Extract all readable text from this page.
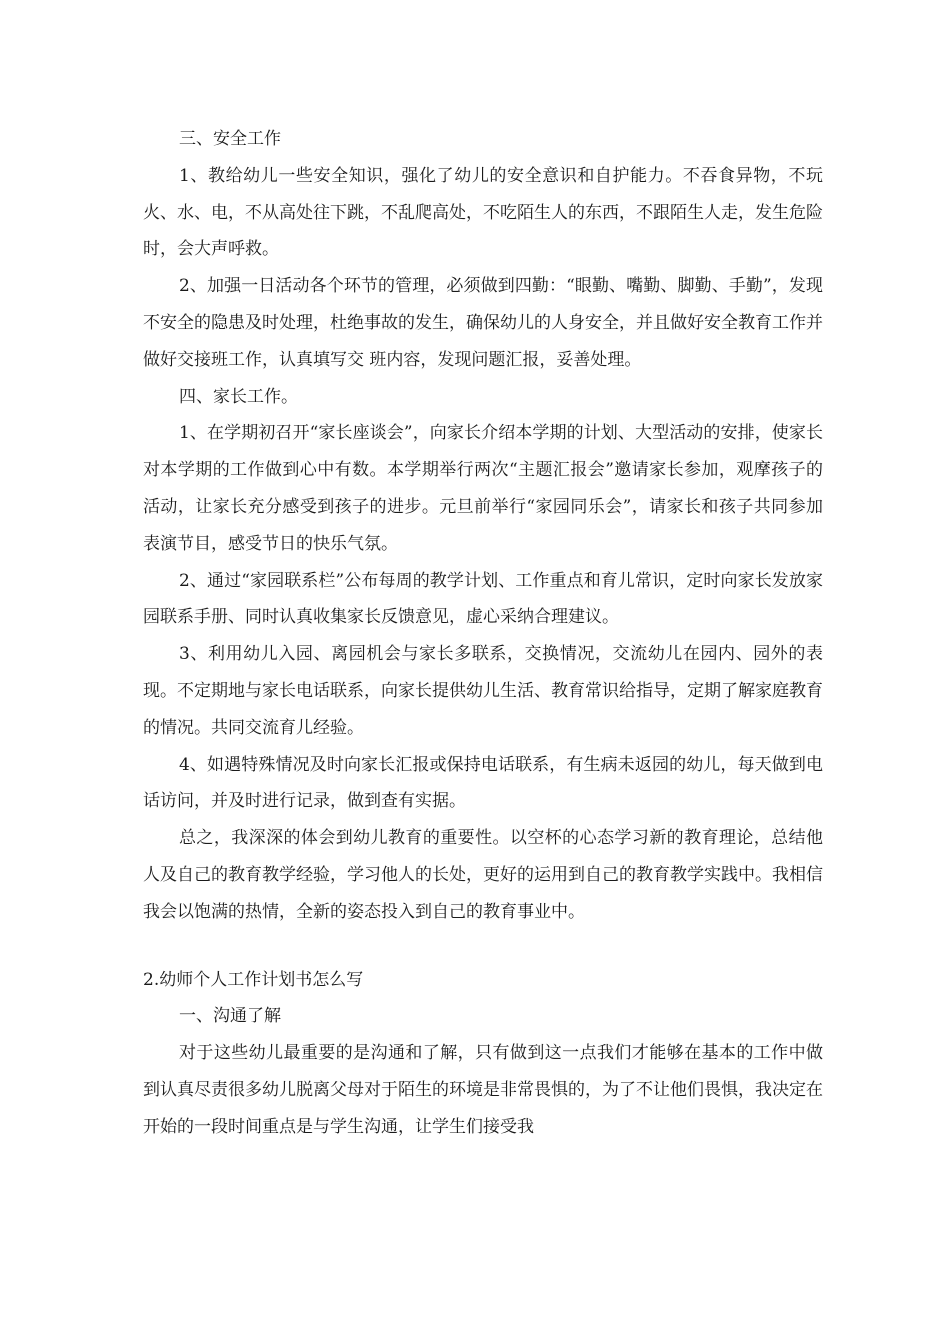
三、安全工作

1、教给幼儿一些安全知识，强化了幼儿的安全意识和自护能力。不吞食异物，不玩火、水、电，不从高处往下跳，不乱爬高处，不吃陌生人的东西，不跟陌生人走，发生危险时，会大声呼救。

2、加强一日活动各个环节的管理，必须做到四勤：“眼勤、嘴勤、脚勤、手勤”，发现不安全的隐患及时处理，杜绝事故的发生，确保幼儿的人身安全，并且做好安全教育工作并做好交接班工作，认真填写交 班内容，发现问题汇报，妥善处理。

四、家长工作。

1、在学期初召开“家长座谈会”，向家长介绍本学期的计划、大型活动的安排，使家长对本学期的工作做到心中有数。本学期举行两次“主题汇报会”邀请家长参加，观摩孩子的活动，让家长充分感受到孩子的进步。元旦前举行“家园同乐会”，请家长和孩子共同参加表演节目，感受节日的快乐气氛。

2、通过“家园联系栏”公布每周的教学计划、工作重点和育儿常识，定时向家长发放家园联系手册、同时认真收集家长反馈意见，虚心采纳合理建议。

3、利用幼儿入园、离园机会与家长多联系，交换情况，交流幼儿在园内、园外的表现。不定期地与家长电话联系，向家长提供幼儿生活、教育常识给指导，定期了解家庭教育的情况。共同交流育儿经验。

4、如遇特殊情况及时向家长汇报或保持电话联系，有生病未返园的幼儿，每天做到电话访问，并及时进行记录，做到查有实据。

总之，我深深的体会到幼儿教育的重要性。以空杯的心态学习新的教育理论，总结他人及自己的教育教学经验，学习他人的长处，更好的运用到自己的教育教学实践中。我相信我会以饱满的热情，全新的姿态投入到自己的教育事业中。

2.幼师个人工作计划书怎么写

一、沟通了解

对于这些幼儿最重要的是沟通和了解，只有做到这一点我们才能够在基本的工作中做到认真尽责很多幼儿脱离父母对于陌生的环境是非常畏惧的，为了不让他们畏惧，我决定在开始的一段时间重点是与学生沟通，让学生们接受我
